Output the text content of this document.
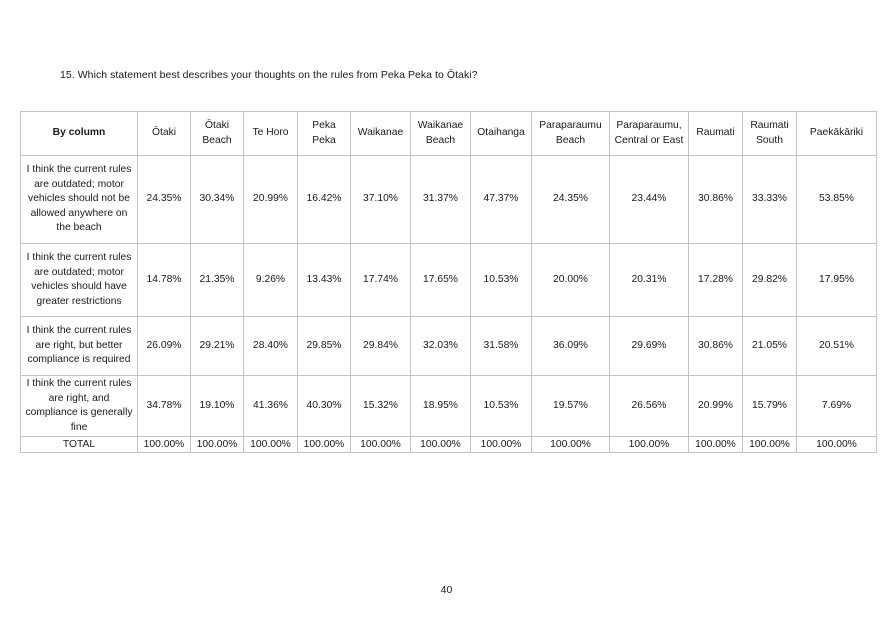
15. Which statement best describes your thoughts on the rules from Peka Peka to Ōtaki?
By column	Ōtaki	Ōtaki Beach	Te Horo	Peka Peka	Waikanae	Waikanae Beach	Otaihanga	Paraparaumu Beach	Paraparaumu, Central or East	Raumati	Raumati South	Paekākāriki
I think the current rules are outdated; motor vehicles should not be allowed anywhere on the beach	24.35%	30.34%	20.99%	16.42%	37.10%	31.37%	47.37%	24.35%	23.44%	30.86%	33.33%	53.85%
I think the current rules are outdated; motor vehicles should have greater restrictions	14.78%	21.35%	9.26%	13.43%	17.74%	17.65%	10.53%	20.00%	20.31%	17.28%	29.82%	17.95%
I think the current rules are right, but better compliance is required	26.09%	29.21%	28.40%	29.85%	29.84%	32.03%	31.58%	36.09%	29.69%	30.86%	21.05%	20.51%
I think the current rules are right, and compliance is generally fine	34.78%	19.10%	41.36%	40.30%	15.32%	18.95%	10.53%	19.57%	26.56%	20.99%	15.79%	7.69%
TOTAL	100.00%	100.00%	100.00%	100.00%	100.00%	100.00%	100.00%	100.00%	100.00%	100.00%	100.00%	100.00%
40
